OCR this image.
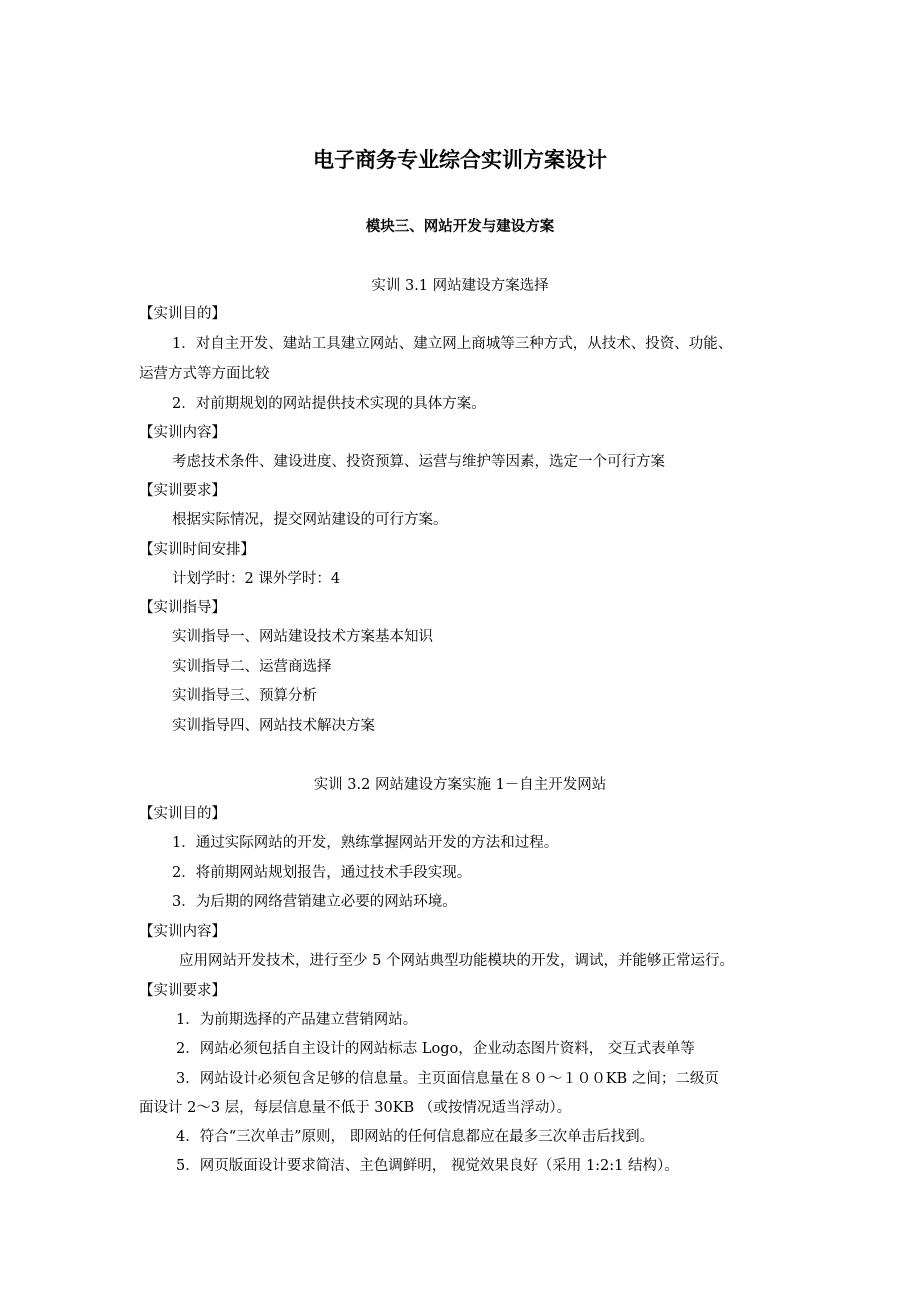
电子商务专业综合实训方案设计
模块三、网站开发与建设方案
实训 3.1 网站建设方案选择
【实训目的】
1．对自主开发、建站工具建立网站、建立网上商城等三种方式，从技术、投资、功能、
运营方式等方面比较
2．对前期规划的网站提供技术实现的具体方案。
【实训内容】
考虑技术条件、建设进度、投资预算、运营与维护等因素，选定一个可行方案
【实训要求】
根据实际情况，提交网站建设的可行方案。
【实训时间安排】
计划学时：2 课外学时：4
【实训指导】
实训指导一、网站建设技术方案基本知识
实训指导二、运营商选择
实训指导三、预算分析
实训指导四、网站技术解决方案
实训 3.2 网站建设方案实施 1－自主开发网站
【实训目的】
1．通过实际网站的开发，熟练掌握网站开发的方法和过程。
2．将前期网站规划报告，通过技术手段实现。
3．为后期的网络营销建立必要的网站环境。
【实训内容】
应用网站开发技术，进行至少 5 个网站典型功能模块的开发，调试，并能够正常运行。
【实训要求】
1．为前期选择的产品建立营销网站。
2．网站必须包括自主设计的网站标志 Logo，企业动态图片资料， 交互式表单等
3．网站设计必须包含足够的信息量。主页面信息量在８０～１００KB 之间；二级页
面设计 2～3 层，每层信息量不低于 30KB （或按情况适当浮动）。
4．符合“三次单击”原则， 即网站的任何信息都应在最多三次单击后找到。
5．网页版面设计要求简洁、主色调鲜明， 视觉效果良好（采用 1:2:1 结构）。
